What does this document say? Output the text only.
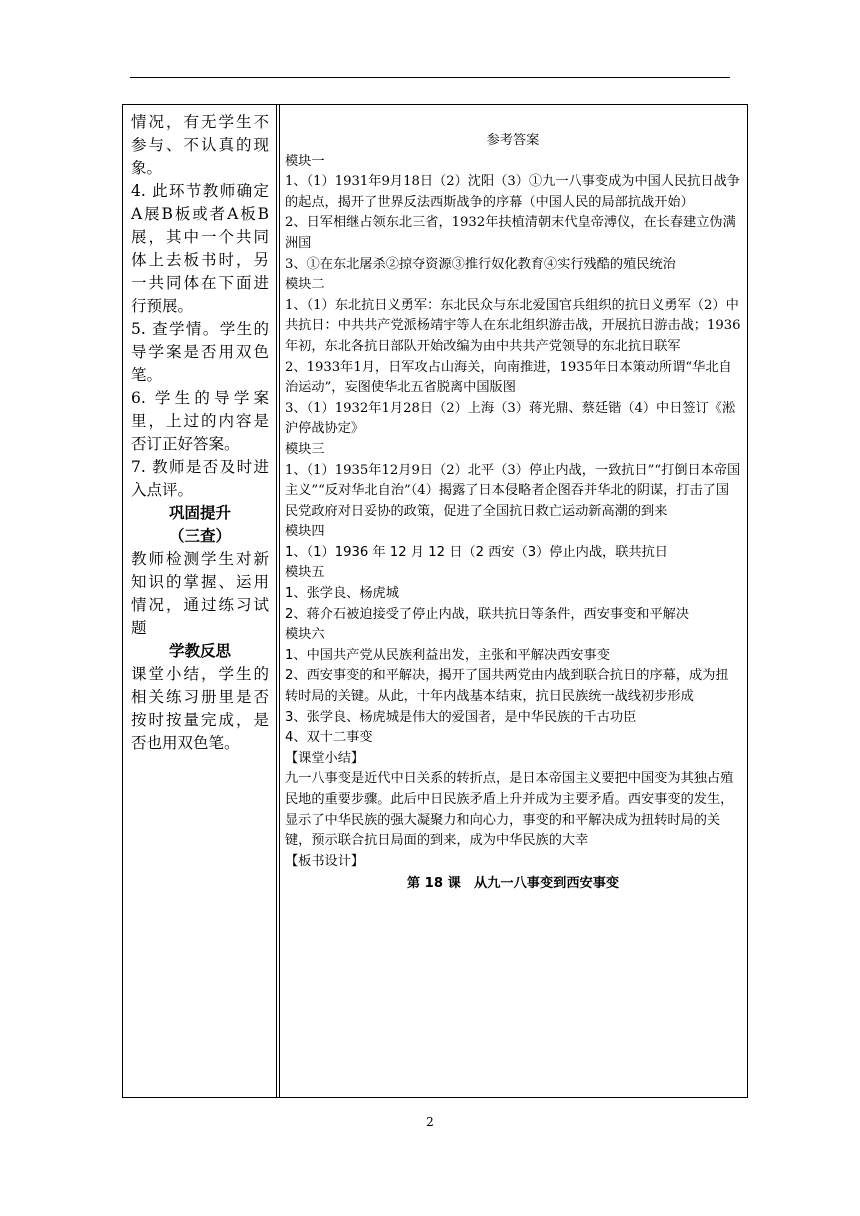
情况，有无学生不参与、不认真的现象。

4. 此环节教师确定A展B板或者A板B展，其中一个共同体上去板书时，另一共同体在下面进行预展。

5. 查学情。学生的导学案是否用双色笔。

6. 学生的导学案里，上过的内容是否订正好答案。

7. 教师是否及时进入点评。

巩固提升

（三查）

教师检测学生对新知识的掌握、运用情况，通过练习试题

学教反思

课堂小结，学生的相关练习册里是否按时按量完成，是否也用双色笔。

参考答案

模块一

1、（1）1931年9月18日（2）沈阳（3）①九一八事变成为中国人民抗日战争的起点，揭开了世界反法西斯战争的序幕（中国人民的局部抗战开始）

2、日军相继占领东北三省，1932年扶植清朝末代皇帝溥仪，在长春建立伪满洲国

3、①在东北屠杀②掠夺资源③推行奴化教育④实行残酷的殖民统治

模块二

1、（1）东北抗日义勇军：东北民众与东北爱国官兵组织的抗日义勇军（2）中共抗日：中共共产党派杨靖宇等人在东北组织游击战，开展抗日游击战；1936年初，东北各抗日部队开始改编为由中共共产党领导的东北抗日联军

2、1933年1月，日军攻占山海关，向南推进，1935年日本策动所谓“华北自治运动”，妄图使华北五省脱离中国版图

3、（1）1932年1月28日（2）上海（3）蒋光鼎、蔡廷锴（4）中日签订《淞沪停战协定》

模块三

1、（1）1935年12月9日（2）北平（3）停止内战，一致抗日”“打倒日本帝国主义”“反对华北自治”（4）揭露了日本侵略者企图吞并华北的阴谋，打击了国民党政府对日妥协的政策，促进了全国抗日救亡运动新高潮的到来

模块四

1、（1）1936 年 12 月 12 日（2 西安（3）停止内战，联共抗日

模块五

1、张学良、杨虎城

2、蒋介石被迫接受了停止内战，联共抗日等条件，西安事变和平解决

模块六

1、中国共产党从民族利益出发，主张和平解决西安事变

2、西安事变的和平解决，揭开了国共两党由内战到联合抗日的序幕，成为扭转时局的关键。从此，十年内战基本结束，抗日民族统一战线初步形成

3、张学良、杨虎城是伟大的爱国者，是中华民族的千古功臣

4、双十二事变

【课堂小结】

九一八事变是近代中日关系的转折点，是日本帝国主义要把中国变为其独占殖民地的重要步骤。此后中日民族矛盾上升并成为主要矛盾。西安事变的发生，显示了中华民族的强大凝聚力和向心力，事变的和平解决成为扭转时局的关键，预示联合抗日局面的到来，成为中华民族的大幸

【板书设计】

第 18 课　从九一八事变到西安事变

2
